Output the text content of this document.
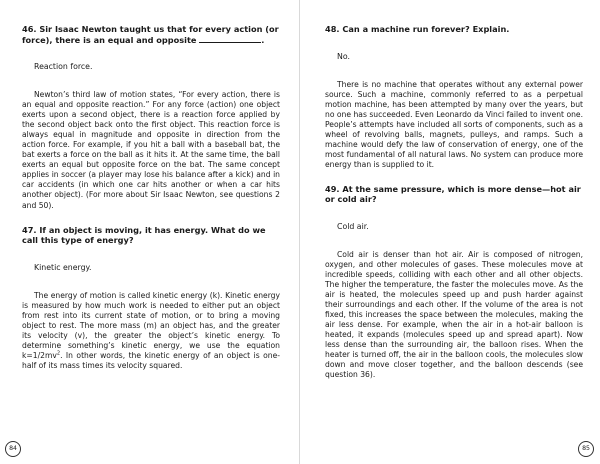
46. Sir Isaac Newton taught us that for every action (or force), there is an equal and opposite	.

Reaction force.

Newton’s third law of motion states, “For every action, there is an equal and opposite reaction.” For any force (action) one object exerts upon a second object, there is a reaction force applied by the second object back onto the first object. This reaction force is always equal in magnitude and opposite in direction from the action force. For example, if you hit a ball with a baseball bat, the bat exerts a force on the ball as it hits it. At the same time, the ball exerts an equal but opposite force on the bat. The same concept applies in soccer (a player may lose his balance after a kick) and in car accidents (in which one car hits another or when a car hits another object). (For more about Sir Isaac Newton, see questions 2 and 50).

47. If an object is moving, it has energy. What do we call this type of energy?

Kinetic energy.

The energy of motion is called kinetic energy (k). Kinetic energy is measured by how much work is needed to either put an object from rest into its current state of motion, or to bring a moving object to rest. The more mass (m) an object has, and the greater its velocity (v), the greater the object’s kinetic energy. To determine something’s kinetic energy, we use the equation $k=1/2mv^2$. In other words, the kinetic energy of an object is one-half of its mass times its velocity squared.

84

48. Can a machine run forever? Explain.

No.

There is no machine that operates without any external power source. Such a machine, commonly referred to as a perpetual motion machine, has been attempted by many over the years, but no one has succeeded. Even Leonardo da Vinci failed to invent one. People’s attempts have included all sorts of components, such as a wheel of revolving balls, magnets, pulleys, and ramps. Such a machine would defy the law of conservation of energy, one of the most fundamental of all natural laws. No system can produce more energy than is supplied to it.

49. At the same pressure, which is more dense—hot air or cold air?

Cold air.

Cold air is denser than hot air. Air is composed of nitrogen, oxygen, and other molecules of gases. These molecules move at incredible speeds, colliding with each other and all other objects. The higher the temperature, the faster the molecules move. As the air is heated, the molecules speed up and push harder against their surroundings and each other. If the volume of the area is not fixed, this increases the space between the molecules, making the air less dense. For example, when the air in a hot-air balloon is heated, it expands (molecules speed up and spread apart). Now less dense than the surrounding air, the balloon rises. When the heater is turned off, the air in the balloon cools, the molecules slow down and move closer together, and the balloon descends (see question 36).

85
